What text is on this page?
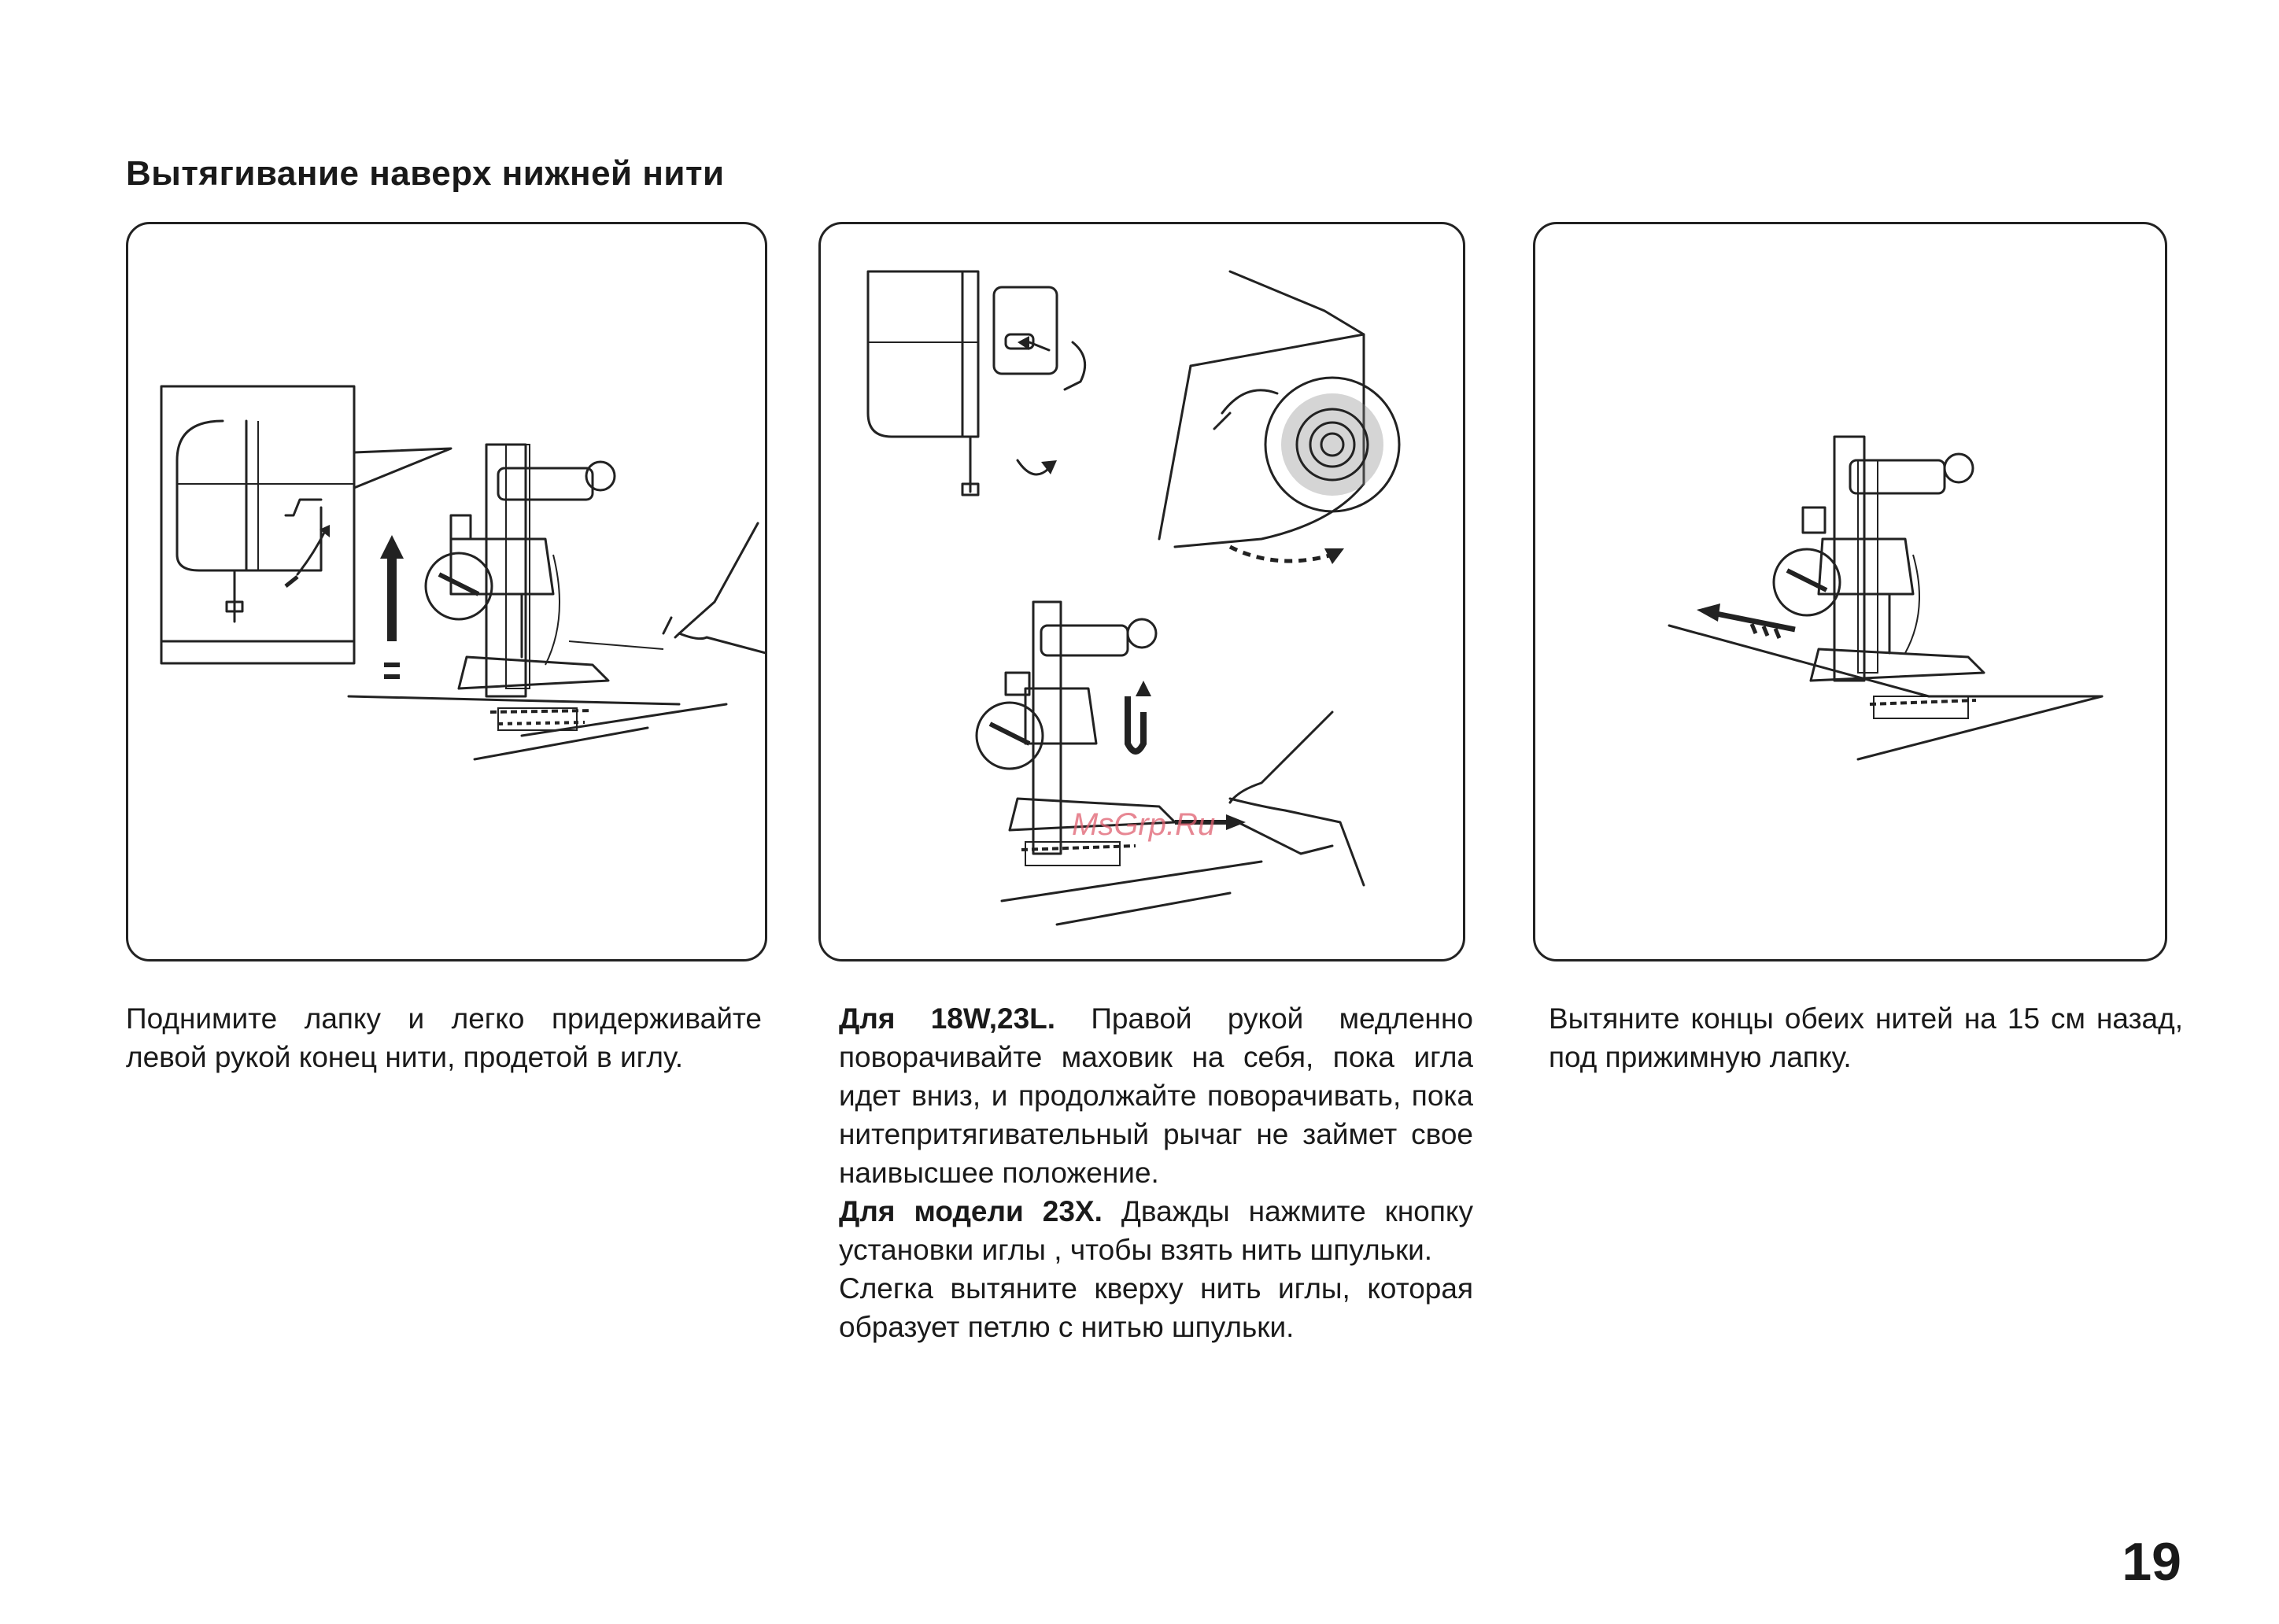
Вытягивание наверх нижней нити
MsGrp.Ru

Поднимите лапку и легко придерживайте левой рукой конец нити, продетой в иглу.

Для 18W,23L. Правой рукой медленно поворачивайте маховик на себя, пока игла идет вниз, и продолжайте поворачивать, пока нитепритягивательный рычаг не займет свое наивысшее положение.
Для модели 23X. Дважды нажмите кнопку установки иглы , чтобы взять нить шпульки.
Слегка вытяните кверху нить иглы, которая образует петлю с нитью шпульки.

Вытяните концы обеих нитей на 15 см назад, под прижимную лапку.

19
